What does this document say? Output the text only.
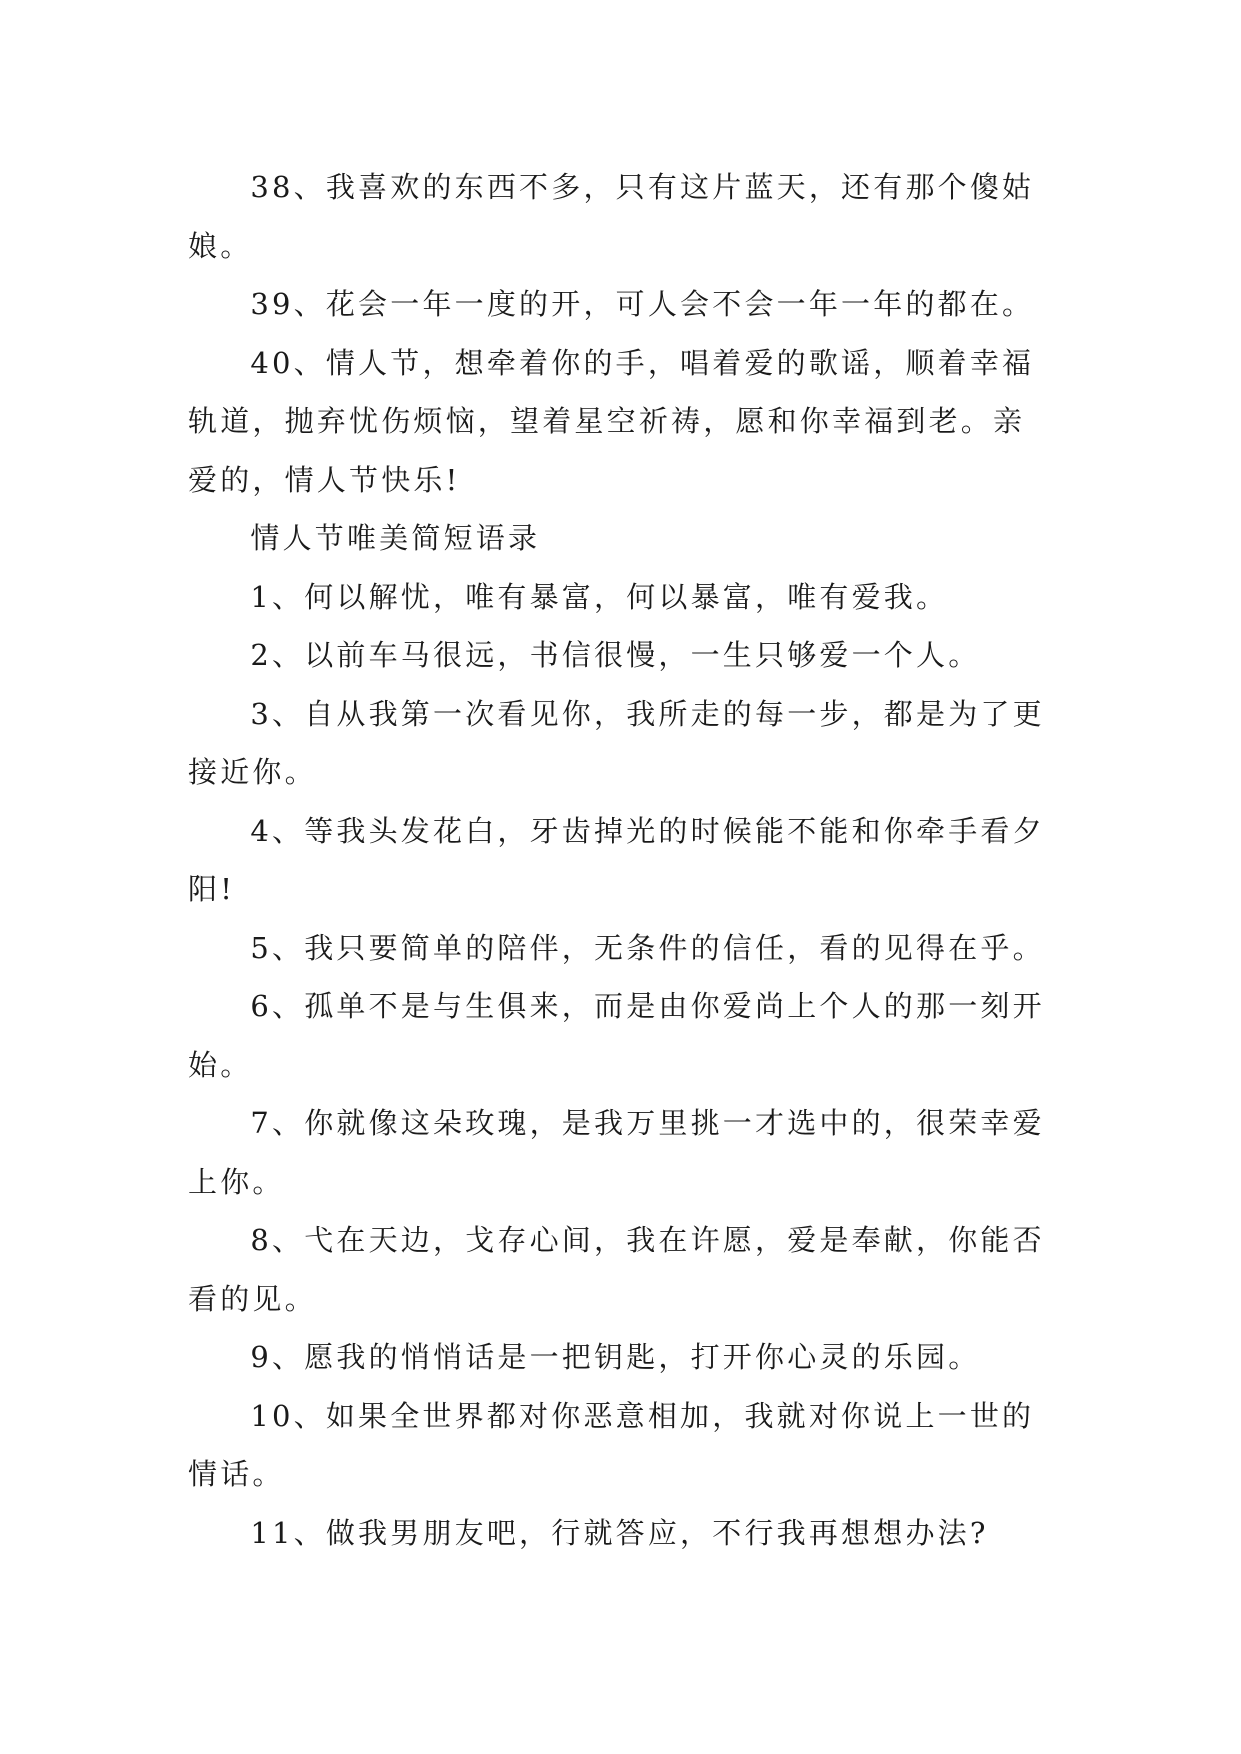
38、我喜欢的东西不多，只有这片蓝天，还有那个傻姑娘。

39、花会一年一度的开，可人会不会一年一年的都在。

40、情人节，想牵着你的手，唱着爱的歌谣，顺着幸福轨道，抛弃忧伤烦恼，望着星空祈祷，愿和你幸福到老。亲爱的，情人节快乐!

情人节唯美简短语录

1、何以解忧，唯有暴富，何以暴富，唯有爱我。

2、以前车马很远，书信很慢，一生只够爱一个人。

3、自从我第一次看见你，我所走的每一步，都是为了更接近你。

4、等我头发花白，牙齿掉光的时候能不能和你牵手看夕阳!

5、我只要简单的陪伴，无条件的信任，看的见得在乎。

6、孤单不是与生俱来，而是由你爱尚上个人的那一刻开始。

7、你就像这朵玫瑰，是我万里挑一才选中的，很荣幸爱上你。

8、弋在天边，戈存心间，我在许愿，爱是奉献，你能否看的见。

9、愿我的悄悄话是一把钥匙，打开你心灵的乐园。

10、如果全世界都对你恶意相加，我就对你说上一世的情话。

11、做我男朋友吧，行就答应，不行我再想想办法?
